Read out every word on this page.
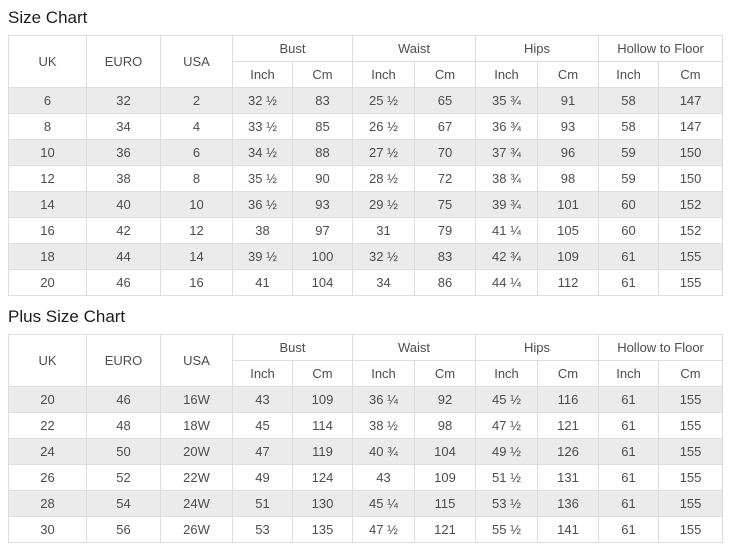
Size Chart
UK	EURO	USA	Bust		Waist		Hips		Hollow to Floor	
			Inch	Cm	Inch	Cm	Inch	Cm	Inch	Cm
6	32	2	32 ½	83	25 ½	65	35 ¾	91	58	147
8	34	4	33 ½	85	26 ½	67	36 ¾	93	58	147
10	36	6	34 ½	88	27 ½	70	37 ¾	96	59	150
12	38	8	35 ½	90	28 ½	72	38 ¾	98	59	150
14	40	10	36 ½	93	29 ½	75	39 ¾	101	60	152
16	42	12	38	97	31	79	41 ¼	105	60	152
18	44	14	39 ½	100	32 ½	83	42 ¾	109	61	155
20	46	16	41	104	34	86	44 ¼	112	61	155
Plus Size Chart
UK	EURO	USA	Bust		Waist		Hips		Hollow to Floor	
			Inch	Cm	Inch	Cm	Inch	Cm	Inch	Cm
20	46	16W	43	109	36 ¼	92	45 ½	116	61	155
22	48	18W	45	114	38 ½	98	47 ½	121	61	155
24	50	20W	47	119	40 ¾	104	49 ½	126	61	155
26	52	22W	49	124	43	109	51 ½	131	61	155
28	54	24W	51	130	45 ¼	115	53 ½	136	61	155
30	56	26W	53	135	47 ½	121	55 ½	141	61	155
